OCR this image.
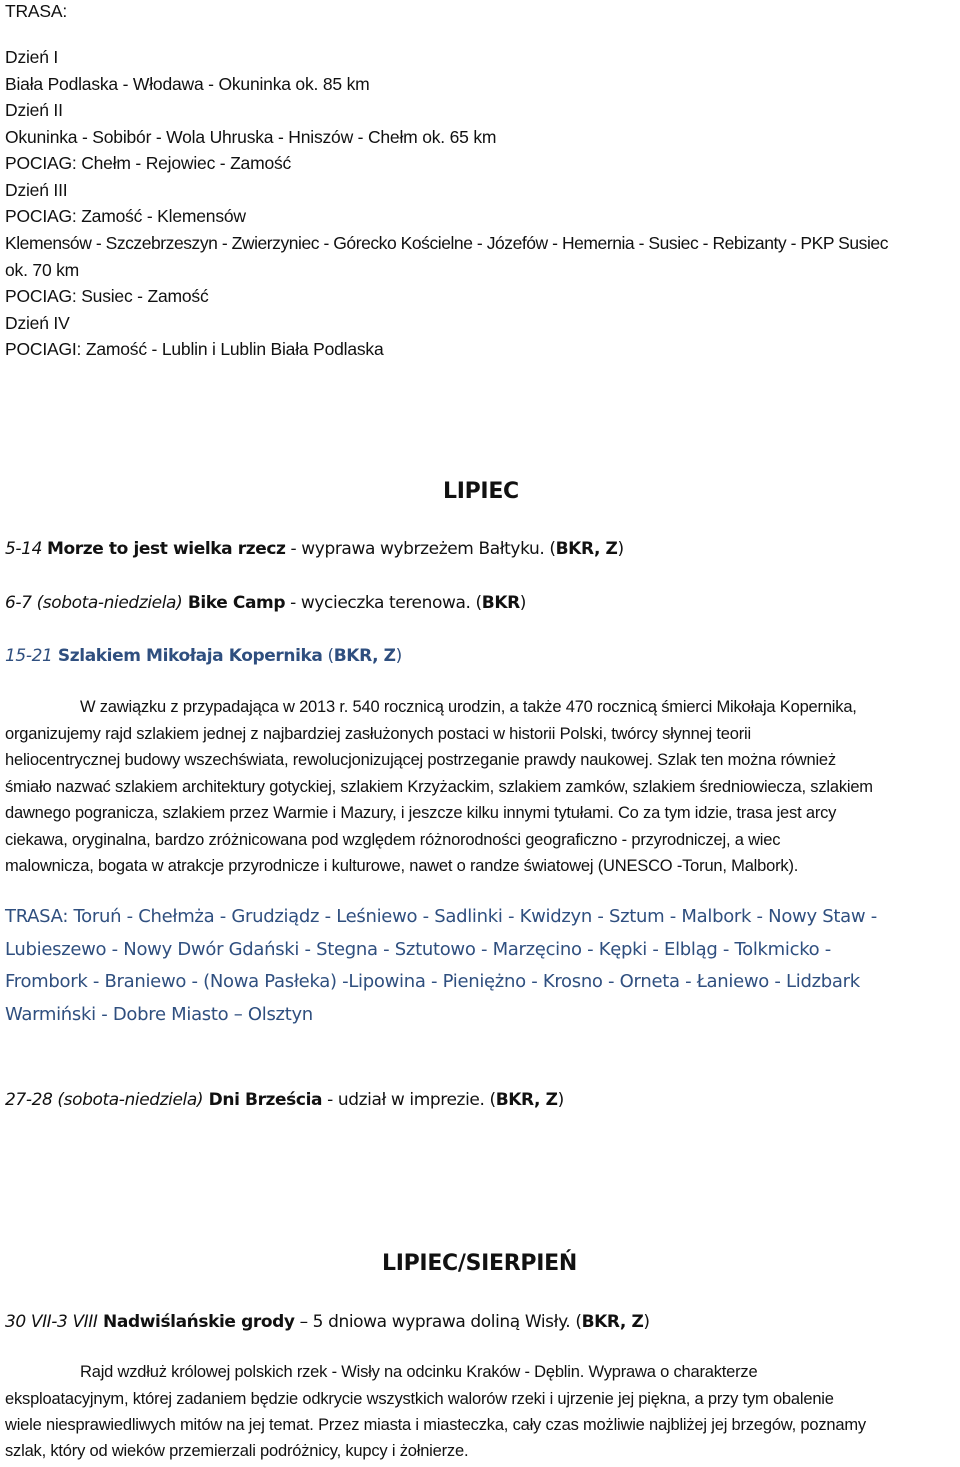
TRASA:
Dzień I
Biała Podlaska - Włodawa - Okuninka ok. 85 km
Dzień II
Okuninka - Sobibór - Wola Uhruska - Hniszów - Chełm ok. 65 km
POCIAG: Chełm - Rejowiec - Zamość
Dzień III
POCIAG: Zamość - Klemensów
Klemensów - Szczebrzeszyn - Zwierzyniec - Górecko Kościelne - Józefów - Hemernia - Susiec - Rebizanty - PKP Susiec
ok. 70 km
POCIAG: Susiec - Zamość
Dzień IV
POCIAGI: Zamość - Lublin i Lublin Biała Podlaska
LIPIEC
5-14 Morze to jest wielka rzecz - wyprawa wybrzeżem Bałtyku. (BKR, Z)
6-7 (sobota-niedziela) Bike Camp - wycieczka terenowa. (BKR)
15-21 Szlakiem Mikołaja Kopernika (BKR, Z)
W zawiązku z przypadająca w 2013 r. 540 rocznicą urodzin, a także 470 rocznicą śmierci Mikołaja Kopernika,
organizujemy rajd szlakiem jednej z najbardziej zasłużonych postaci w historii Polski, twórcy słynnej teorii
heliocentrycznej budowy wszechświata, rewolucjonizującej postrzeganie prawdy naukowej. Szlak ten można również
śmiało nazwać szlakiem architektury gotyckiej, szlakiem Krzyżackim, szlakiem zamków, szlakiem średniowiecza, szlakiem
dawnego pogranicza, szlakiem przez Warmie i Mazury, i jeszcze kilku innymi tytułami. Co za tym idzie, trasa jest arcy
ciekawa, oryginalna, bardzo zróżnicowana pod względem różnorodności geograficzno - przyrodniczej, a wiec
malownicza, bogata w atrakcje przyrodnicze i kulturowe, nawet o randze światowej (UNESCO -Torun, Malbork).
TRASA: Toruń - Chełmża - Grudziądz - Leśniewo - Sadlinki - Kwidzyn - Sztum - Malbork - Nowy Staw -
Lubieszewo - Nowy Dwór Gdański - Stegna - Sztutowo - Marzęcino - Kępki - Elbląg - Tolkmicko -
Frombork - Braniewo - (Nowa Pasłeka) -Lipowina - Pieniężno - Krosno - Orneta - Łaniewo - Lidzbark
Warmiński - Dobre Miasto – Olsztyn
27-28 (sobota-niedziela) Dni Brześcia - udział w imprezie. (BKR, Z)
LIPIEC/SIERPIEŃ
30 VII-3 VIII Nadwiślańskie grody – 5 dniowa wyprawa doliną Wisły. (BKR, Z)
Rajd wzdłuż królowej polskich rzek - Wisły na odcinku Kraków - Dęblin. Wyprawa o charakterze
eksploatacyjnym, której zadaniem będzie odkrycie wszystkich walorów rzeki i ujrzenie jej piękna, a przy tym obalenie
wiele niesprawiedliwych mitów na jej temat. Przez miasta i miasteczka, cały czas możliwie najbliżej jej brzegów, poznamy
szlak, który od wieków przemierzali podróżnicy, kupcy i żołnierze.
